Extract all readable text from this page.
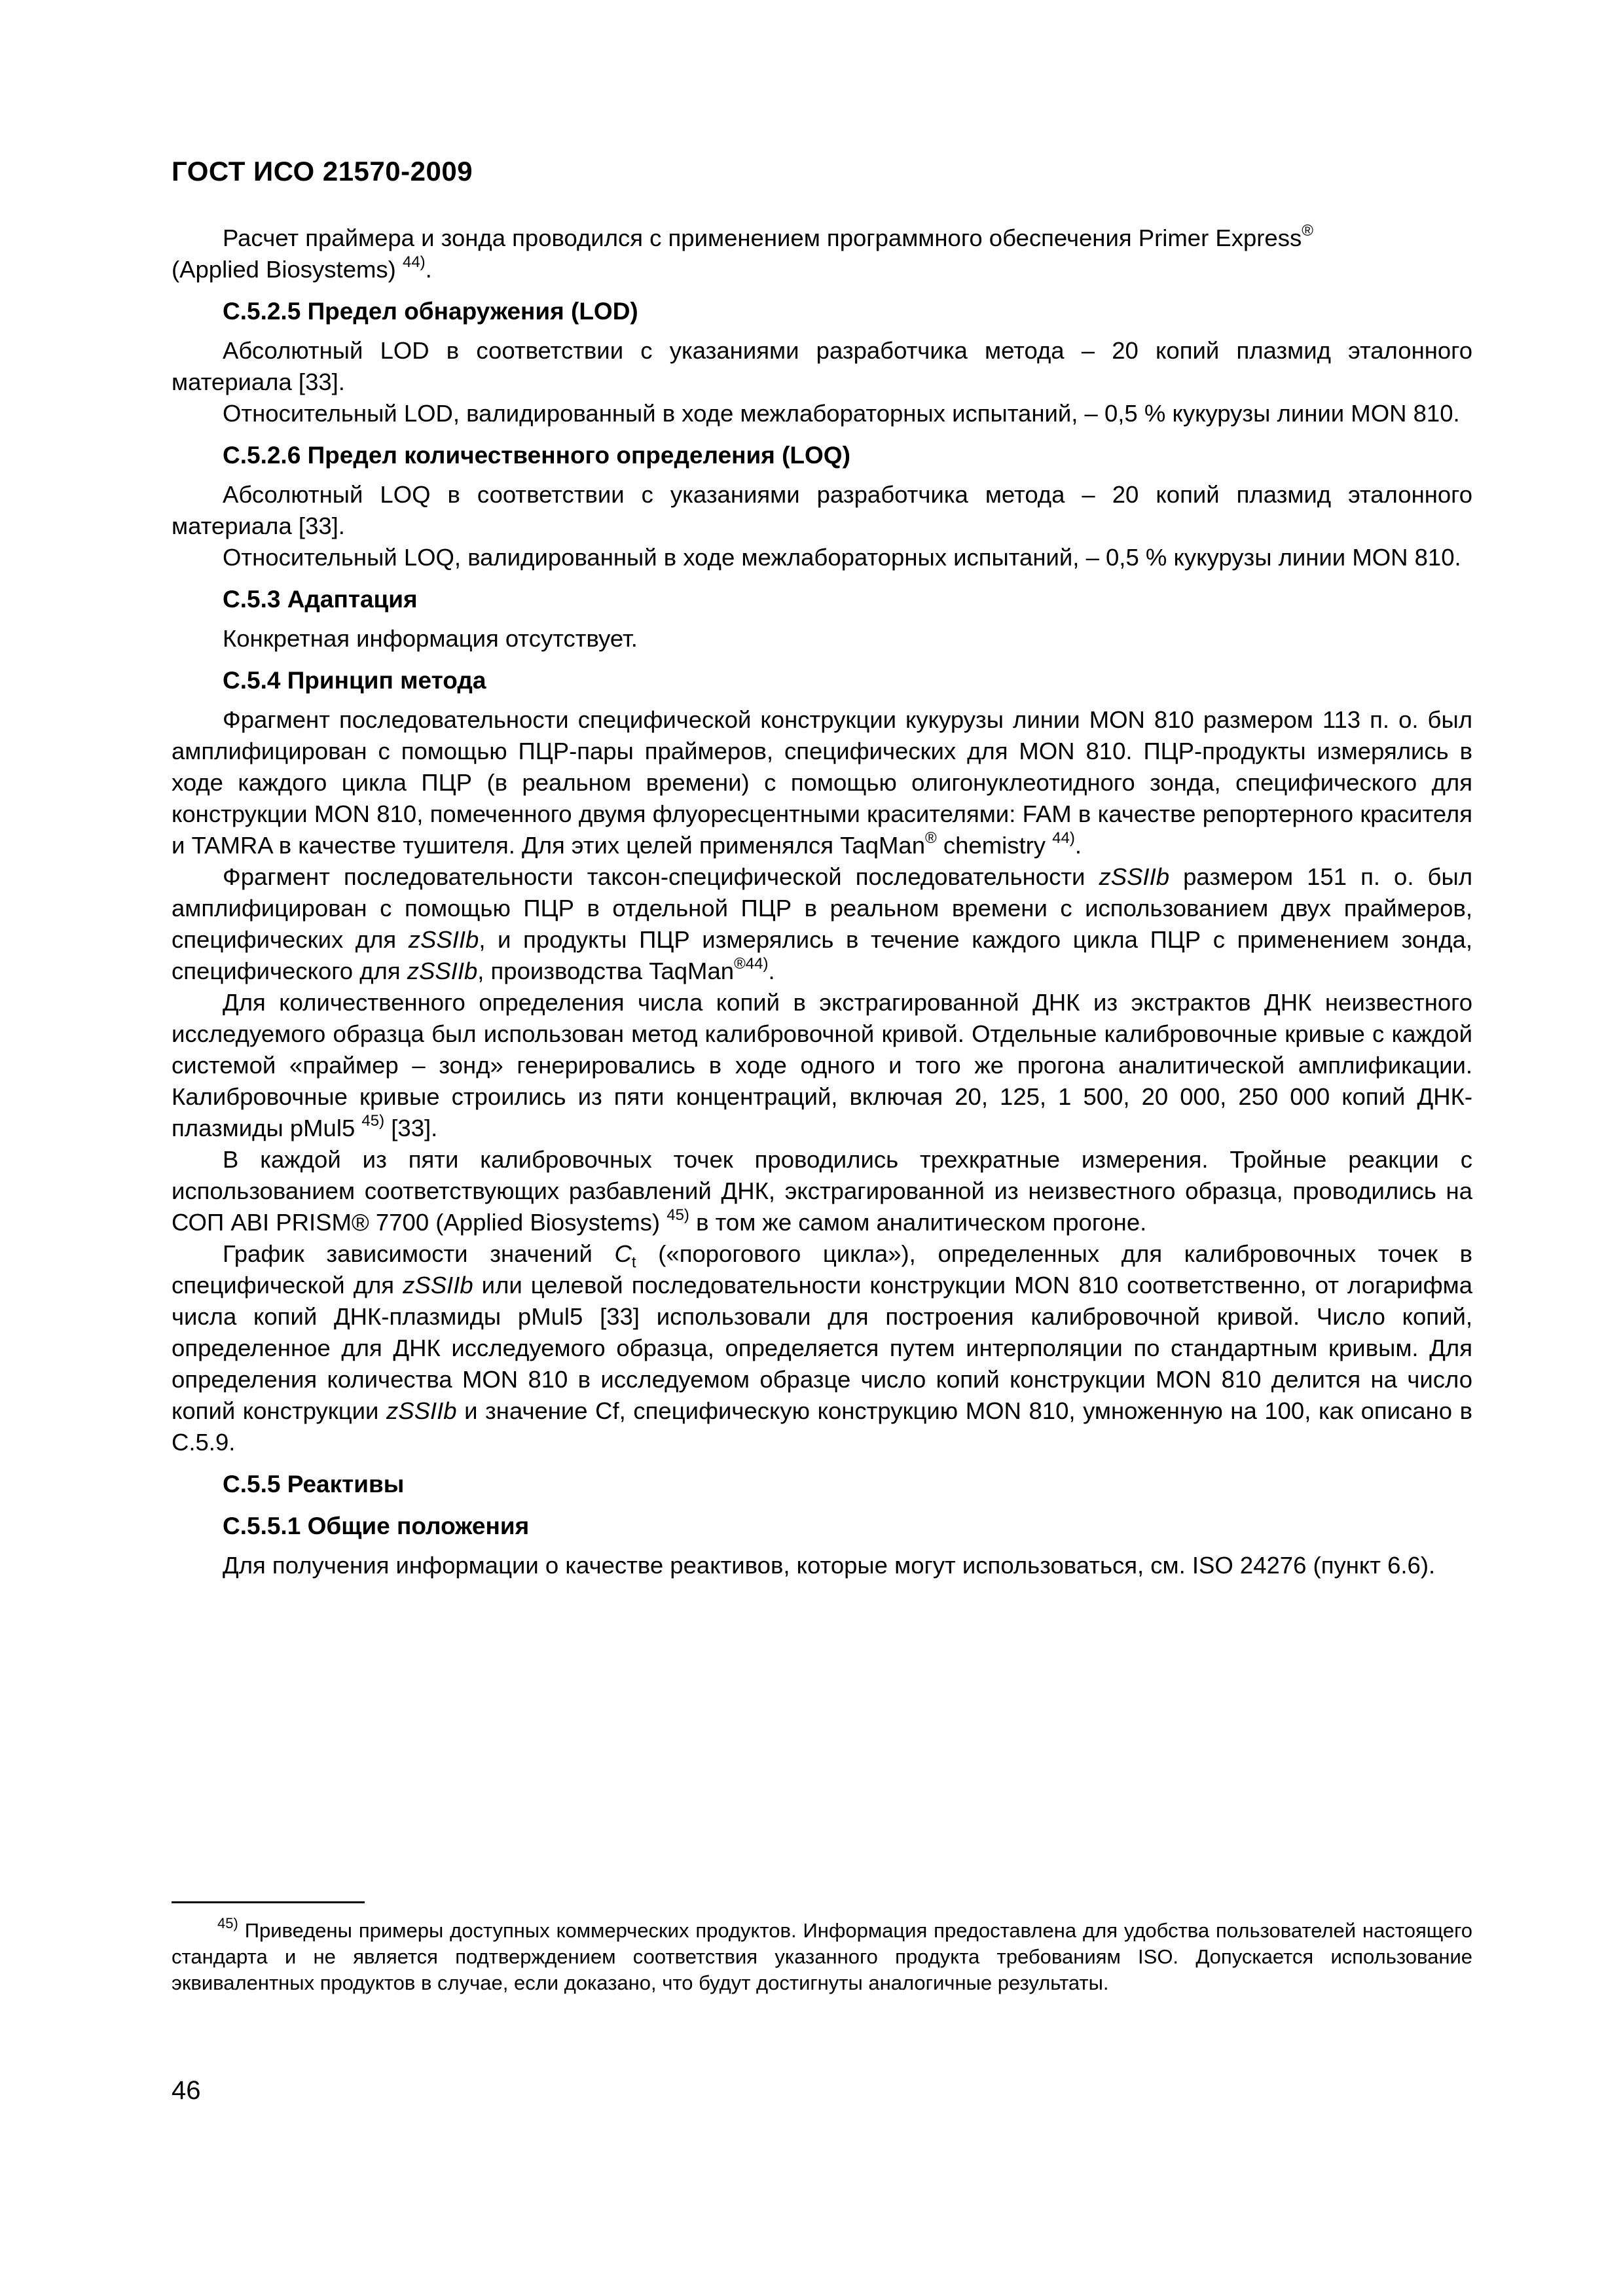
ГОСТ ИСО 21570-2009

Расчет праймера и зонда проводился с применением программного обеспечения Primer Express®
(Applied Biosystems) $^{44)}$.

С.5.2.5 Предел обнаружения (LOD)

Абсолютный LOD в соответствии с указаниями разработчика метода – 20 копий плазмид эталонного материала [33].

Относительный LOD, валидированный в ходе межлабораторных испытаний, – 0,5 % кукурузы линии MON 810.

С.5.2.6 Предел количественного определения (LOQ)

Абсолютный LOQ в соответствии с указаниями разработчика метода – 20 копий плазмид эталонного материала [33].

Относительный LOQ, валидированный в ходе межлабораторных испытаний, – 0,5 % кукурузы линии MON 810.

С.5.3 Адаптация

Конкретная информация отсутствует.

С.5.4 Принцип метода

Фрагмент последовательности специфической конструкции кукурузы линии MON 810 размером 113 п. о. был амплифицирован с помощью ПЦР-пары праймеров, специфических для MON 810. ПЦР-продукты измерялись в ходе каждого цикла ПЦР (в реальном времени) с помощью олигонуклеотидного зонда, специфического для конструкции MON 810, помеченного двумя флуоресцентными красителями: FAM в качестве репортерного красителя и TAMRA в качестве тушителя. Для этих целей применялся TaqMan® chemistry $^{44)}$.

Фрагмент последовательности таксон-специфической последовательности zSSIIb размером 151 п. о. был амплифицирован с помощью ПЦР в отдельной ПЦР в реальном времени с использованием двух праймеров, специфических для zSSIIb, и продукты ПЦР измерялись в течение каждого цикла ПЦР с применением зонда, специфического для zSSIIb, производства TaqMan$^{®44)}$.

Для количественного определения числа копий в экстрагированной ДНК из экстрактов ДНК неизвестного исследуемого образца был использован метод калибровочной кривой. Отдельные калибровочные кривые с каждой системой «праймер – зонд» генерировались в ходе одного и того же прогона аналитической амплификации. Калибровочные кривые строились из пяти концентраций, включая 20, 125, 1 500, 20 000, 250 000 копий ДНК-плазмиды pMul5 $^{45)}$ [33].

В каждой из пяти калибровочных точек проводились трехкратные измерения. Тройные реакции с использованием соответствующих разбавлений ДНК, экстрагированной из неизвестного образца, проводились на СОП ABI PRISM® 7700 (Applied Biosystems) $^{45)}$ в том же самом аналитическом прогоне.

График зависимости значений $C_t$ («порогового цикла»), определенных для калибровочных точек в специфической для zSSIIb или целевой последовательности конструкции MON 810 соответственно, от логарифма числа копий ДНК-плазмиды pMul5 [33] использовали для построения калибровочной кривой. Число копий, определенное для ДНК исследуемого образца, определяется путем интерполяции по стандартным кривым. Для определения количества MON 810 в исследуемом образце число копий конструкции MON 810 делится на число копий конструкции zSSIIb и значение Cf, специфическую конструкцию MON 810, умноженную на 100, как описано в С.5.9.

С.5.5 Реактивы
С.5.5.1 Общие положения

Для получения информации о качестве реактивов, которые могут использоваться, см. ISO 24276 (пункт 6.6).

$^{45)}$ Приведены примеры доступных коммерческих продуктов. Информация предоставлена для удобства пользователей настоящего стандарта и не является подтверждением соответствия указанного продукта требованиям ISO. Допускается использование эквивалентных продуктов в случае, если доказано, что будут достигнуты аналогичные результаты.
46
